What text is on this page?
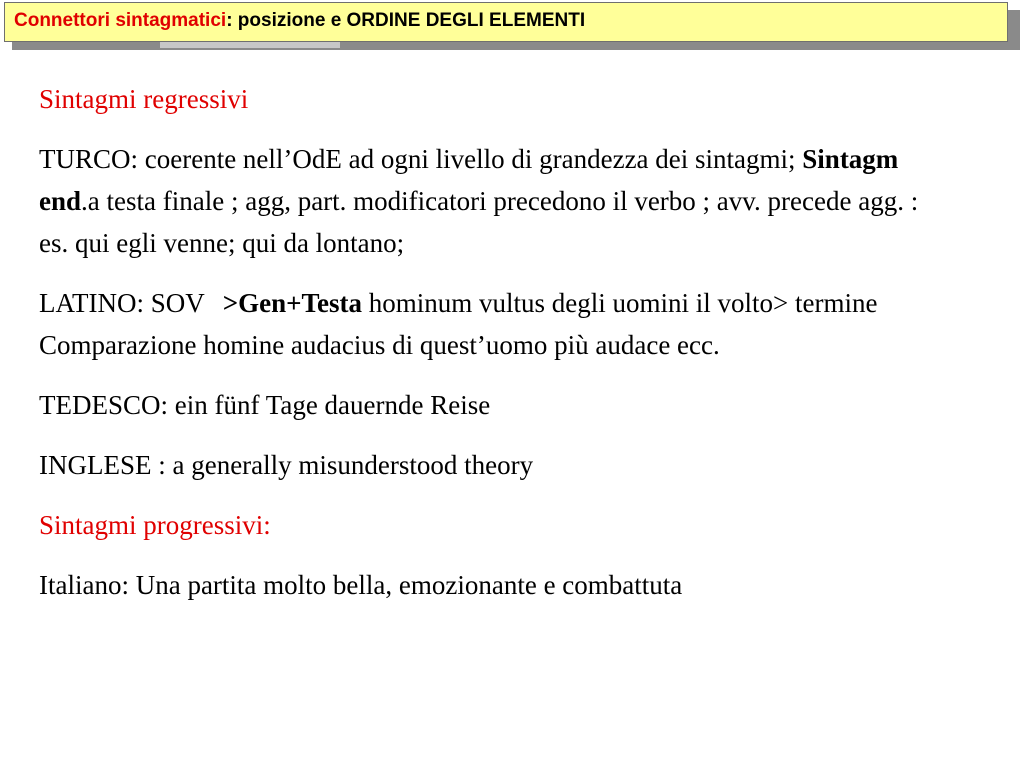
Connettori sintagmatici: posizione e ORDINE DEGLI ELEMENTI

Sintagmi regressivi

TURCO: coerente nell’OdE ad ogni livello di grandezza dei sintagmi; Sintagm end.a testa finale ; agg, part. modificatori precedono il verbo ; avv. precede agg. : es. qui egli venne; qui da lontano;

LATINO: SOV >Gen+Testa hominum vultus degli uomini il volto> termine Comparazione homine audacius di quest’uomo più audace ecc.

TEDESCO: ein fünf Tage dauernde Reise

INGLESE : a generally misunderstood theory

Sintagmi progressivi:

Italiano: Una partita molto bella, emozionante e combattuta
